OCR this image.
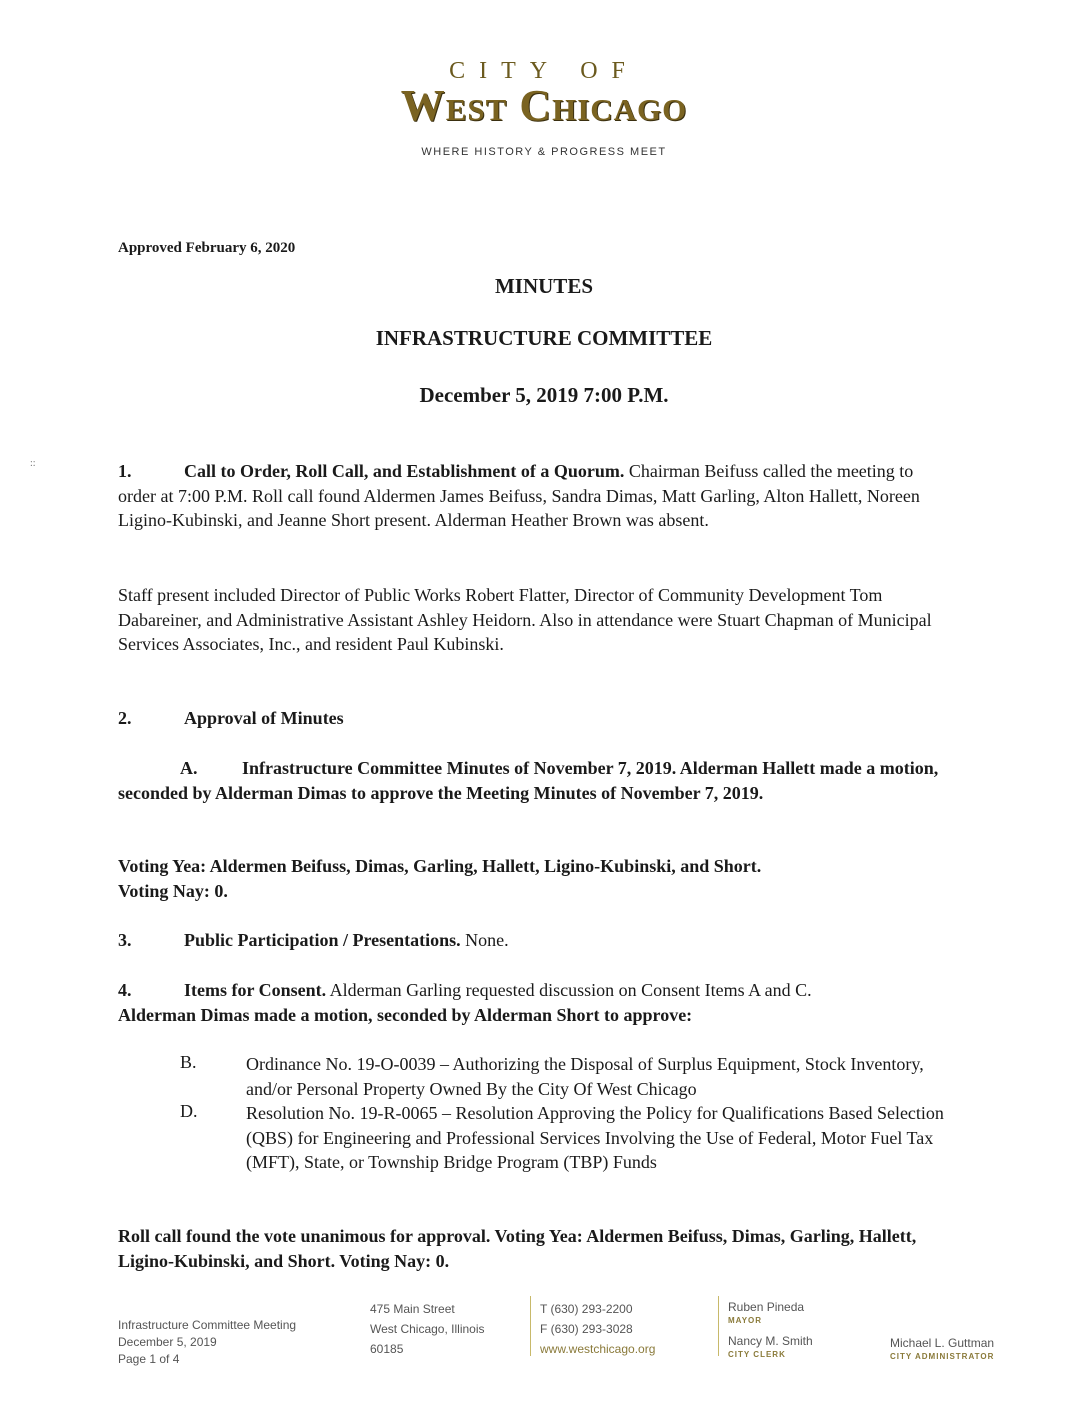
CITY OF
West Chicago
WHERE HISTORY & PROGRESS MEET
::
Approved February 6, 2020
MINUTES
INFRASTRUCTURE COMMITTEE
December 5, 2019 7:00 P.M.
1.	Call to Order, Roll Call, and Establishment of a Quorum. Chairman Beifuss called the meeting to order at 7:00 P.M. Roll call found Aldermen James Beifuss, Sandra Dimas, Matt Garling, Alton Hallett, Noreen Ligino-Kubinski, and Jeanne Short present. Alderman Heather Brown was absent.
Staff present included Director of Public Works Robert Flatter, Director of Community Development Tom Dabareiner, and Administrative Assistant Ashley Heidorn. Also in attendance were Stuart Chapman of Municipal Services Associates, Inc., and resident Paul Kubinski.
2.	Approval of Minutes
A. Infrastructure Committee Minutes of November 7, 2019. Alderman Hallett made a motion, seconded by Alderman Dimas to approve the Meeting Minutes of November 7, 2019.
Voting Yea: Aldermen Beifuss, Dimas, Garling, Hallett, Ligino-Kubinski, and Short.
Voting Nay: 0.
3.	Public Participation / Presentations. None.
4.	Items for Consent. Alderman Garling requested discussion on Consent Items A and C.
Alderman Dimas made a motion, seconded by Alderman Short to approve:
B.	Ordinance No. 19-O-0039 – Authorizing the Disposal of Surplus Equipment, Stock Inventory, and/or Personal Property Owned By the City Of West Chicago
D.	Resolution No. 19-R-0065 – Resolution Approving the Policy for Qualifications Based Selection (QBS) for Engineering and Professional Services Involving the Use of Federal, Motor Fuel Tax (MFT), State, or Township Bridge Program (TBP) Funds
Roll call found the vote unanimous for approval. Voting Yea: Aldermen Beifuss, Dimas, Garling, Hallett, Ligino-Kubinski, and Short. Voting Nay: 0.
Infrastructure Committee Meeting
December 5, 2019
Page 1 of 4
475 Main Street
West Chicago, Illinois
60185
T (630) 293-2200
F (630) 293-3028
www.westchicago.org
Ruben Pineda
MAYOR
Nancy M. Smith
CITY CLERK
Michael L. Guttman
CITY ADMINISTRATOR
